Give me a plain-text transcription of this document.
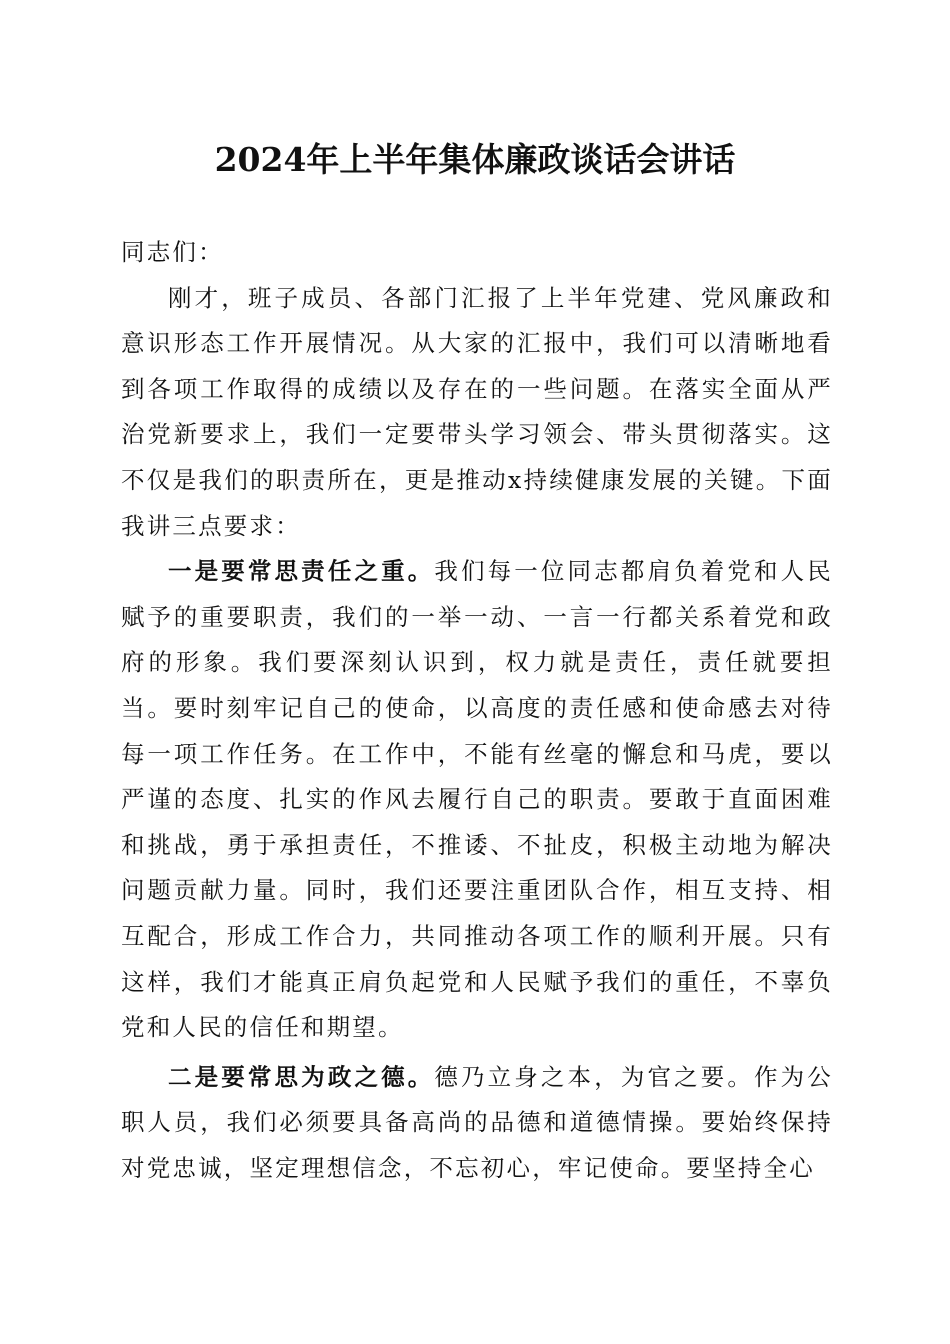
2024年上半年集体廉政谈话会讲话

同志们：

刚才，班子成员、各部门汇报了上半年党建、党风廉政和意识形态工作开展情况。从大家的汇报中，我们可以清晰地看到各项工作取得的成绩以及存在的一些问题。在落实全面从严治党新要求上，我们一定要带头学习领会、带头贯彻落实。这不仅是我们的职责所在，更是推动x持续健康发展的关键。下面我讲三点要求：

一是要常思责任之重。我们每一位同志都肩负着党和人民赋予的重要职责，我们的一举一动、一言一行都关系着党和政府的形象。我们要深刻认识到，权力就是责任，责任就要担当。要时刻牢记自己的使命，以高度的责任感和使命感去对待每一项工作任务。在工作中，不能有丝毫的懈怠和马虎，要以严谨的态度、扎实的作风去履行自己的职责。要敢于直面困难和挑战，勇于承担责任，不推诿、不扯皮，积极主动地为解决问题贡献力量。同时，我们还要注重团队合作，相互支持、相互配合，形成工作合力，共同推动各项工作的顺利开展。只有这样，我们才能真正肩负起党和人民赋予我们的重任，不辜负党和人民的信任和期望。

二是要常思为政之德。德乃立身之本，为官之要。作为公职人员，我们必须要具备高尚的品德和道德情操。要始终保持对党忠诚，坚定理想信念，不忘初心，牢记使命。要坚持全心
